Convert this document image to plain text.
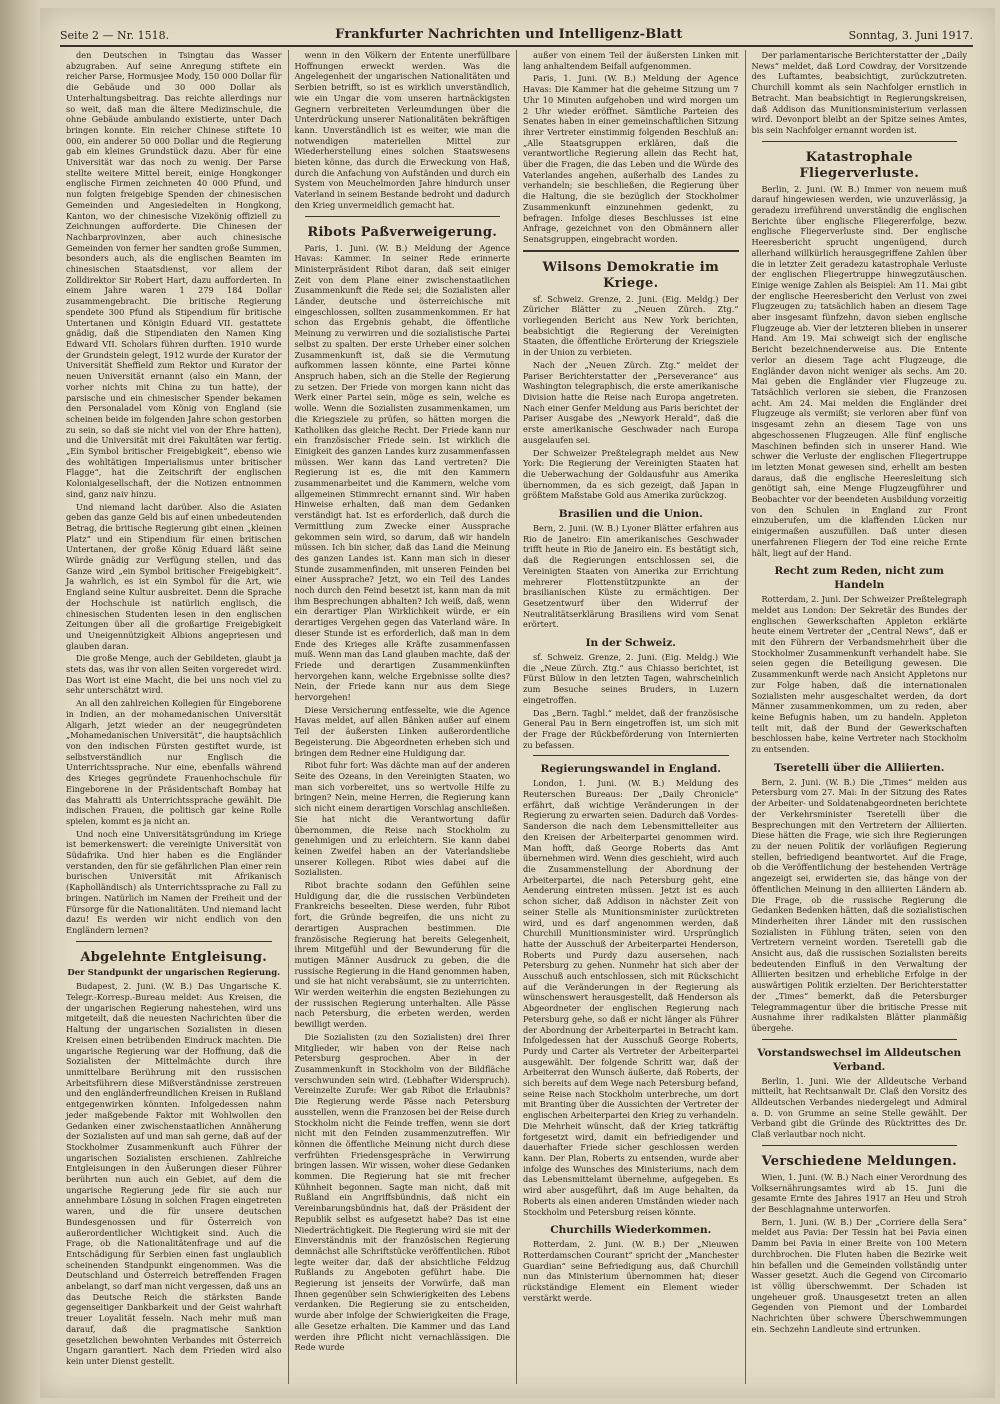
Seite 2 — Nr. 1518.	Frankfurter Nachrichten und Intelligenz-Blatt	Sonntag, 3. Juni 1917.

den Deutschen in Tsingtau das Wasser abzugraben. Auf seine Anregung stiftete ein reicher Parse, Hormusjee Mody, 150 000 Dollar für die Gebäude und 30 000 Dollar als Unterhaltungsbeitrag. Das reichte allerdings nur so weit, daß man die ältere Medizinschule, die ohne Gebäude ambulando existierte, unter Dach bringen konnte. Ein reicher Chinese stiftete 10 000, ein anderer 50 000 Dollar und die Regierung gab ein kleines Grundstück dazu. Aber für eine Universität war das noch zu wenig. Der Parse stellte weitere Mittel bereit, einige Hongkonger englische Firmen zeichneten 40 000 Pfund, und nun folgten freigebige Spenden der chinesischen Gemeinden und Angesiedelten in Hongkong, Kanton, wo der chinesische Vizekönig offiziell zu Zeichnungen aufforderte. Die Chinesen der Nachbarprovinzen, aber auch chinesische Gemeinden von ferner her sandten große Summen, besonders auch, als die englischen Beamten im chinesischen Staatsdienst, vor allem der Zolldirektor Sir Robert Hart, dazu aufforderten. In einem Jahre waren 1 279 184 Dollar zusammengebracht. Die britische Regierung spendete 300 Pfund als Stipendium für britische Untertanen und Königin Eduard VII. gestattete gnädig, daß die Stipendiaten den Namen King Edward VII. Scholars führen durften. 1910 wurde der Grundstein gelegt, 1912 wurde der Kurator der Universität Sheffield zum Rektor und Kurator der neuen Universität ernannt (also ein Mann, der vorher nichts mit China zu tun hatte), der parsische und ein chinesischer Spender bekamen den Personaladel vom König von England (sie scheinen beide im folgenden Jahre schon gestorben zu sein, so daß sie nicht viel von der Ehre hatten), und die Universität mit drei Fakultäten war fertig. „Ein Symbol britischer Freigebigkeit“, ebenso wie des wohltätigen Imperialismus unter britischer Flagge“, hat die Zeitschrift der englischen Kolonialgesellschaft, der die Notizen entnommen sind, ganz naiv hinzu.

Und niemand lacht darüber. Also die Asiaten geben das ganze Geld bis auf einen unbedeutenden Betrag, die britische Regierung gibt einen „kleinen Platz“ und ein Stipendium für einen britischen Untertanen, der große König Eduard läßt seine Würde gnädig zur Verfügung stellen, und das Ganze wird „ein Symbol britischer Freigebigkeit“. Ja wahrlich, es ist ein Symbol für die Art, wie England seine Kultur ausbreitet. Denn die Sprache der Hochschule ist natürlich englisch, die chinesischen Studenten lesen in den englischen Zeitungen über all die großartige Freigebigkeit und Uneigennützigkeit Albions angepriesen und glauben daran.

Die große Menge, auch der Gebildeten, glaubt ja stets das, was ihr von allen Seiten vorgeredet wird. Das Wort ist eine Macht, die bei uns noch viel zu sehr unterschätzt wird.

An all den zahlreichen Kollegien für Eingeborene in Indien, an der mohamedanischen Universität Aligarh, jetzt wieder an der neugegründeten „Mohamedanischen Universität“, die hauptsächlich von den indischen Fürsten gestiftet wurde, ist selbstverständlich nur Englisch die Unterrichtssprache. Nur eine, ebenfalls während des Krieges gegründete Frauenhochschule für Eingeborene in der Präsidentschaft Bombay hat das Mahratti als Unterrichtssprache gewählt. Die indischen Frauen, die politisch gar keine Rolle spielen, kommt es ja nicht an.

Und noch eine Universitätsgründung im Kriege ist bemerkenswert: die vereinigte Universität von Südafrika. Und hier haben es die Engländer verstanden, den für sie gefährlichen Plan einer rein burischen Universität mit Afrikanisch (Kapholländisch) als Unterrichtssprache zu Fall zu bringen. Natürlich im Namen der Freiheit und der Fürsorge für die Nationalitäten. Und niemand lacht dazu! Es werden wir nicht endlich von den Engländern lernen?

Abgelehnte Entgleisung.
Der Standpunkt der ungarischen Regierung.

Budapest, 2. Juni. (W. B.) Das Ungarische K. Telegr.-Korresp.-Bureau meldet: Aus Kreisen, die der ungarischen Regierung nahestehen, wird uns mitgeteilt, daß die neuesten Nachrichten über die Haltung der ungarischen Sozialisten in diesen Kreisen einen betrübenden Eindruck machten. Die ungarische Regierung war der Hoffnung, daß die Sozialisten der Mittelmächte durch ihre unmittelbare Berührung mit den russischen Arbeitsführern diese Mißverständnisse zerstreuen und den engländerfreundlichen Kreisen in Rußland entgegenwirken könnten. Infolgedessen nahm jeder maßgebende Faktor mit Wohlwollen den Gedanken einer zwischenstaatlichen Annäherung der Sozialisten auf und man sah gerne, daß auf der Stockholmer Zusammenkunft auch Führer der ungarischen Sozialisten erschienen. Zahlreiche Entgleisungen in den Äußerungen dieser Führer berührten nun auch ein Gebiet, auf dem die ungarische Regierung jede für sie auch nur annehmbare Lösung in solchen Fragen eingetreten waren, und die für unsere deutschen Bundesgenossen und für Österreich von außerordentlicher Wichtigkeit sind. Auch die Frage, ob die Nationalitätenfrage und auf die Entschädigung für Serbien einen fast unglaublich scheinenden Standpunkt eingenommen. Was die Deutschland und Österreich betreffenden Fragen anbelangt, so darf man nicht vergessen, daß uns an das Deutsche Reich die stärksten Bande gegenseitiger Dankbarkeit und der Geist wahrhaft treuer Loyalität fesseln. Nach mehr muß man darauf, daß die pragmatische Sanktion gesetzlichen bewohnten Verbandes mit Österreich Ungarn garantiert. Nach dem Frieden wird also kein unter Dienst gestellt.

wenn in den Völkern der Entente unerfüllbare Hoffnungen erweckt werden. Was die Angelegenheit der ungarischen Nationalitäten und Serbien betrifft, so ist es wirklich unverständlich, wie ein Ungar die vom unseren hartnäckigsten Gegnern verbreiteten Verleumdungen über die Unterdrückung unserer Nationalitäten bekräftigen kann. Unverständlich ist es weiter, wie man die notwendigen materiellen Mittel zur Wiederherstellung eines solchen Staatswesens bieten könne, das durch die Erweckung von Haß, durch die Anfachung von Aufständen und durch ein System von Meuchelmorden Jahre hindurch unser Vaterland in seinem Bestande bedroht und dadurch den Krieg unvermeidlich gemacht hat.

Ribots Paßverweigerung.

Paris, 1. Juni. (W. B.) Meldung der Agence Havas: Kammer. In seiner Rede erinnerte Ministerpräsident Ribot daran, daß seit einiger Zeit von dem Plane einer zwischenstaatlichen Zusammenkunft die Rede sei; die Sozialisten aller Länder, deutsche und österreichische mit eingeschlossen, sollten zusammenkommen. Er hat schon das Ergebnis gehabt, die öffentliche Meinung zu verwirren und die sozialistische Partei selbst zu spalten. Der erste Urheber einer solchen Zusammenkunft ist, daß sie die Vermutung aufkommen lassen könnte, eine Partei könne Anspruch haben, sich an die Stelle der Regierung zu setzen. Der Friede von morgen kann nicht das Werk einer Partei sein, möge es sein, welche es wolle. Wenn die Sozialisten zusammenkamen, um die Kriegsziele zu prüfen, so hätten morgen die Katholiken das gleiche Recht. Der Friede kann nur ein französischer Friede sein. Ist wirklich die Einigkeit des ganzen Landes kurz zusammenfassen müssen. Wer kann das Land vertreten? Die Regierung ist es, die mit den Kammern zusammenarbeitet und die Kammern, welche vom allgemeinen Stimmrecht ernannt sind. Wir haben Hinweise erhalten, daß man dem Gedanken verständigt hat. Ist es erforderlich, daß durch die Vermittlung zum Zwecke einer Aussprache gekommen sein wird, so darum, daß wir handeln müssen. Ich bin sicher, daß das Land die Meinung des ganzen Landes ist. Kann man sich in dieser Stunde zusammenfinden, mit unseren Feinden bei einer Aussprache? Jetzt, wo ein Teil des Landes noch durch den Feind besetzt ist, kann man da mit ihm Besprechungen abhalten? Ich weiß, daß, wenn ein derartiger Plan Wirklichkeit würde, er ein derartiges Vergehen gegen das Vaterland wäre. In dieser Stunde ist es erforderlich, daß man in dem Ende des Krieges alle Kräfte zusammenfassen muß. Wenn man das Land glauben machte, daß der Friede und derartigen Zusammenkünften hervorgehen kann, welche Ergebnisse sollte dies? Nein, der Friede kann nur aus dem Siege hervorgehen!

Diese Versicherung entfesselte, wie die Agence Havas meldet, auf allen Bänken außer auf einem Teil der äußersten Linken außerordentliche Begeisterung. Die Abgeordneten erheben sich und bringen dem Redner eine Huldigung dar.

Ribot fuhr fort: Was dächte man auf der anderen Seite des Ozeans, in den Vereinigten Staaten, wo man sich vorbereitet, uns so wertvolle Hilfe zu bringen? Nein, meine Herren, die Regierung kann sich nicht einem derartigen Vorschlag anschließen. Sie hat nicht die Verantwortung dafür übernommen, die Reise nach Stockholm zu genehmigen und zu erleichtern. Sie kann dabei keinen Zweifel haben an der Vaterlandsliebe unserer Kollegen. Ribot wies dabei auf die Sozialisten.

Ribot brachte sodann den Gefühlen seine Huldigung dar, die die russischen Verbündeten Frankreichs beseelten. Diese werden, fuhr Ribot fort, die Gründe begreifen, die uns nicht zu derartigen Ausprachen bestimmen. Die französische Regierung hat bereits Gelegenheit, ihrem Mitgefühl und der Bewunderung für die mutigen Männer Ausdruck zu geben, die die russische Regierung in die Hand genommen haben, und sie hat nicht verabsäumt, sie zu unterrichten. Wir werden weiterhin die engsten Beziehungen zu der russischen Regierung unterhalten. Alle Pässe nach Petersburg, die erbeten werden, werden bewilligt werden.

Die Sozialisten (zu den Sozialisten) drei Ihrer Mitglieder, wir haben von der Reise nach Petersburg gesprochen. Aber in der Zusammenkunft in Stockholm von der Bildfläche verschwunden sein wird. (Lebhafter Widerspruch). Vereinzelte Zurufe: Wer gab Ribot die Erlaubnis? Die Regierung werde Pässe nach Petersburg ausstellen, wenn die Franzosen bei der Reise durch Stockholm nicht die Feinde treffen, wenn sie dort nicht mit den Feinden zusammenzutreffen. Wir können die öffentliche Meinung nicht durch diese verfrühten Friedensgespräche in Verwirrung bringen lassen. Wir wissen, woher diese Gedanken kommen. Die Regierung hat sie mit frecher Kühnheit begonnen. Sagte man nicht, daß mit Rußland ein Angriffsbündnis, daß nicht ein Vereinbarungsbündnis hat, daß der Präsident der Republik selbst es aufgesetzt habe? Das ist eine Niederträchtigkeit. Die Regierung wird sie mit der Einverständnis mit der französischen Regierung demnächst alle Schriftstücke veröffentlichen. Ribot legte weiter dar, daß der absichtliche Feldzug Rußlands zu Angeboten geführt habe. Die Regierung ist jenseits der Vorwürfe, daß man Ihnen gegenüber sein Schwierigkeiten des Lebens verdanken. Die Regierung sie zu entscheiden, wurde aber infolge der Schwierigkeiten die Frage, alle Gesetze erhalten. Die Kammer und das Land werden ihre Pflicht nicht vernachlässigen. Die Rede wurde

außer von einem Teil der äußersten Linken mit lang anhaltendem Beifall aufgenommen.

Paris, 1. Juni. (W. B.) Meldung der Agence Havas: Die Kammer hat die geheime Sitzung um 7 Uhr 10 Minuten aufgehoben und wird morgen um 2 Uhr wieder eröffnet. Sämtliche Parteien des Senates haben in einer gemeinschaftlichen Sitzung ihrer Vertreter einstimmig folgenden Beschluß an: „Alle Staatsgruppen erklären, daß die verantwortliche Regierung allein das Recht hat, über die Fragen, die das Leben und die Würde des Vaterlandes angehen, außerhalb des Landes zu verhandeln; sie beschließen, die Regierung über die Haltung, die sie bezüglich der Stockholmer Zusammenkunft einzunehmen gedenkt, zu befragen. Infolge dieses Beschlusses ist eine Anfrage, gezeichnet von den Obmännern aller Senatsgruppen, eingebracht worden.

Wilsons Demokratie im Kriege.

sf. Schweiz. Grenze, 2. Juni. (Eig. Meldg.) Der Züricher Blätter zu „Neuen Zürch. Ztg.“ vorliegenden Bericht aus New York berichten, beabsichtigt die Regierung der Vereinigten Staaten, die öffentliche Erörterung der Kriegsziele in der Union zu verbieten.

Nach der „Neuen Zürch. Ztg.“ meldet der Pariser Berichterstatter der „Perseverance“ aus Washington telegraphisch, die erste amerikanische Division hatte die Reise nach Europa angetreten. Nach einer Genfer Meldung aus Paris berichtet der Pariser Ausgabe des „Newyork Herald“, daß die erste amerikanische Geschwader nach Europa ausgelaufen sei.

Der Schweizer Preßtelegraph meldet aus New York: Die Regierung der Vereinigten Staaten hat die Ueberwachung der Goldausfuhr aus Amerika übernommen, da es sich gezeigt, daß Japan in größtem Maßstabe Gold aus Amerika zurückzog.

Brasilien und die Union.

Bern, 2. Juni. (W. B.) Lyoner Blätter erfahren aus Rio de Janeiro: Ein amerikanisches Geschwader trifft heute in Rio de Janeiro ein. Es bestätigt sich, daß die Regierungen entschlossen sei, die Vereinigten Staaten von Amerika zur Errichtung mehrerer Flottenstützpunkte an der brasilianischen Küste zu ermächtigen. Der Gesetzentwurf über den Widerruf der Neutralitätserklärung Brasiliens wird vom Senat erörtert.

In der Schweiz.

sf. Schweiz. Grenze, 2. Juni. (Eig. Meldg.) Wie die „Neue Zürch. Ztg.“ aus Chiasso berichtet, ist Fürst Bülow in den letzten Tagen, wahrscheinlich zum Besuche seines Bruders, in Luzern eingetroffen.

Das „Bern. Tagbl.“ meldet, daß der französische General Pau in Bern eingetroffen ist, um sich mit der Frage der Rückbeförderung von Internierten zu befassen.

Regierungswandel in England.

London, 1. Juni. (W. B.) Meldung des Reuterschen Bureaus: Der „Daily Chronicle“ erfährt, daß wichtige Veränderungen in der Regierung zu erwarten seien. Dadurch daß Vordes-Sanderson die nach dem Lebensmittelleiter aus den Kreisen der Arbeiterpartei genommen wird. Man hofft, daß George Roberts das Amt übernehmen wird. Wenn dies geschieht, wird auch die Zusammenstellung der Abordnung der Arbeiterpartei, die nach Petersburg geht, eine Aenderung eintreten müssen. Jetzt ist es auch schon sicher, daß Addison in nächster Zeit von seiner Stelle als Munitionsminister zurücktreten wird, und es darf angenommen werden, daß Churchill Munitionsminister wird. Ursprünglich hatte der Ausschuß der Arbeiterpartei Henderson, Roberts und Purdy dazu ausersehen, nach Petersburg zu gehen. Nunmehr hat sich aber der Ausschuß auch entschlossen, sich mit Rückschicht auf die Veränderungen in der Regierung als wünschenswert herausgestellt, daß Henderson als Abgeordneter der englischen Regierung nach Petersburg gehe, so daß er nicht länger als Führer der Abordnung der Arbeiterpartei in Betracht kam. Infolgedessen hat der Ausschuß George Roberts, Purdy und Carter als Vertreter der Arbeiterpartei ausgewählt. Der folgende Schritt war, daß der Arbeiterrat den Wunsch äußerte, daß Roberts, der sich bereits auf dem Wege nach Petersburg befand, seine Reise nach Stockholm unterbreche, um dort mit Branting über die Aussichten der Vertreter der englischen Arbeiterpartei den Krieg zu verhandeln. Die Mehrheit wünscht, daß der Krieg tatkräftig fortgesetzt wird, damit ein befriedigender und dauerhafter Friede sicher geschlossen werden kann. Der Plan, Roberts zu entsenden, wurde aber infolge des Wunsches des Ministeriums, nach dem das Lebensmittelamt übernehme, aufgegeben. Es wird aber ausgeführt, daß im Auge behalten, da Roberts als einen anderen Umständen wieder nach Stockholm und Petersburg reisen könnte.

Churchills Wiederkommen.

Rotterdam, 2. Juni. (W. B.) Der „Nieuwen Rotterdamschen Courant“ spricht der „Manchester Guardian“ seine Befriedigung aus, daß Churchill nun das Ministerium übernommen hat; dieser rückständige Element ein Element wieder verstärkt werde.

Der parlamentarische Berichterstatter der „Daily News“ meldet, daß Lord Cowdray, der Vorsitzende des Luftamtes, beabsichtigt, zurückzutreten. Churchill kommt als sein Nachfolger ernstlich in Betracht. Man beabsichtigt in Regierungskreisen, daß Addison das Munitionsministerium verlassen wird. Devonport bleibt an der Spitze seines Amtes, bis sein Nachfolger ernannt worden ist.

Katastrophale Fliegerverluste.

Berlin, 2. Juni. (W. B.) Immer von neuem muß darauf hingewiesen werden, wie unzuverlässig, ja geradezu irreführend unverständig die englischen Berichte über englische Fliegererfolge, bezw. englische Fliegerverluste sind. Der englische Heeresbericht sprucht ungenügend, durch allerhand willkürlich herausgegriffene Zahlen über die in letzter Zeit geradezu katastrophale Verluste der englischen Fliegertruppe hinwegzutäuschen. Einige wenige Zahlen als Beispiel: Am 11. Mai gibt der englische Heeresbericht den Verlust von zwei Flugzeugen zu; tatsächlich haben an diesem Tage aber insgesamt fünfzehn, davon sieben englische Flugzeuge ab. Vier der letzteren blieben in unserer Hand. Am 19. Mai schweigt sich der englische Bericht bezeichnenderweise aus. Die Entente verlor an diesem Tage acht Flugzeuge, die Engländer davon nicht weniger als sechs. Am 20. Mai geben die Engländer vier Flugzeuge zu. Tatsächlich verloren sie sieben, die Franzosen acht. Am 24. Mai melden die Engländer drei Flugzeuge als vermißt; sie verloren aber fünf von insgesamt zehn an diesem Tage von uns abgeschossenen Flugzeugen. Alle fünf englische Maschinen befinden sich in unserer Hand. Wie schwer die Verluste der englischen Fliegertruppe im letzten Monat gewesen sind, erhellt am besten daraus, daß die englische Heeresleitung sich genötigt sah, eine Menge Flugzeugführer und Beobachter vor der beendeten Ausbildung vorzeitig von den Schulen in England zur Front einzuberufen, um die klaffenden Lücken nur einigermaßen auszufüllen. Daß unter diesen unerfahrenen Fliegern der Tod eine reiche Ernte hält, liegt auf der Hand.

Recht zum Reden, nicht zum Handeln

Rotterdam, 2. Juni. Der Schweizer Preßtelegraph meldet aus London: Der Sekretär des Bundes der englischen Gewerkschaften Appleton erklärte heute einem Vertreter der „Central News“, daß er mit den Führern der Verbandsmehrheit über die Stockholmer Zusammenkunft verhandelt habe. Sie seien gegen die Beteiligung gewesen. Die Zusammenkunft werde nach Ansicht Appletons nur zur Folge haben, daß die internationalen Sozialisten mehr ausgeschaltet werden, da dort Männer zusammenkommen, um zu reden, aber keine Befugnis haben, um zu handeln. Appleton teilt mit, daß der Bund der Gewerkschaften beschlossen habe, keine Vertreter nach Stockholm zu entsenden.

Tseretelli über die Alliierten.

Bern, 2. Juni. (W. B.) Die „Times“ melden aus Petersburg vom 27. Mai: In der Sitzung des Rates der Arbeiter- und Soldatenabgeordneten berichtete der Verkehrsminister Tseretelli über die Besprechungen mit den Vertretern der Alliierten. Diese hätten die Frage, wie sich ihre Regierungen zu der neuen Politik der vorläufigen Regierung stellen, befriedigend beantwortet. Auf die Frage, ob die Veröffentlichung der bestehenden Verträge angezeigt sei, erwiderten sie, das hänge von der öffentlichen Meinung in den alliierten Ländern ab. Die Frage, ob die russische Regierung die Gedanken Bedenken hätten, daß die sozialistischen Minderheiten ihrer Länder mit den russischen Sozialisten in Fühlung träten, seien von den Vertretern verneint worden. Tseretelli gab die Ansicht aus, daß die russischen Sozialisten bereits bedeutenden Einfluß in den Verwaltung der Alliierten besitzen und erhebliche Erfolge in der auswärtigen Politik erzielten. Der Berichterstatter der „Times“ bemerkt, daß die Petersburger Telegrammagentur über die britische Presse mit Ausnahme ihrer radikalsten Blätter planmäßig übergehe.

Vorstandswechsel im Alldeutschen Verband.

Berlin, 1. Juni. Wie der Alldeutsche Verband mitteilt, hat Rechtsanwalt Dr. Claß den Vorsitz des Alldeutschen Verbandes niedergelegt und Admiral a. D. von Grumme an seine Stelle gewählt. Der Verband gibt die Gründe des Rücktrittes des Dr. Claß verlautbar noch nicht.

Verschiedene Meldungen.

Wien, 1. Juni. (W. B.) Nach einer Verordnung des Volksernährungsamtes wird ab 15. Juni die gesamte Ernte des Jahres 1917 an Heu und Stroh der Beschlagnahme unterworfen.

Bern, 1. Juni. (W. B.) Der „Corriere della Sera“ meldet aus Pavia: Der Tessin hat bei Pavia einen Damm bei Pavia in einer Breite von 100 Metern durchbrochen. Die Fluten haben die Bezirke weit hin befallen und die Gemeinden vollständig unter Wasser gesetzt. Auch die Gegend von Circomario ist völlig überschwemmt. Der Schaden ist ungeheuer groß. Unausgesetzt treten an allen Gegenden von Piemont und der Lombardei Nachrichten über schwere Überschwemmungen ein. Sechzehn Landleute sind ertrunken.
